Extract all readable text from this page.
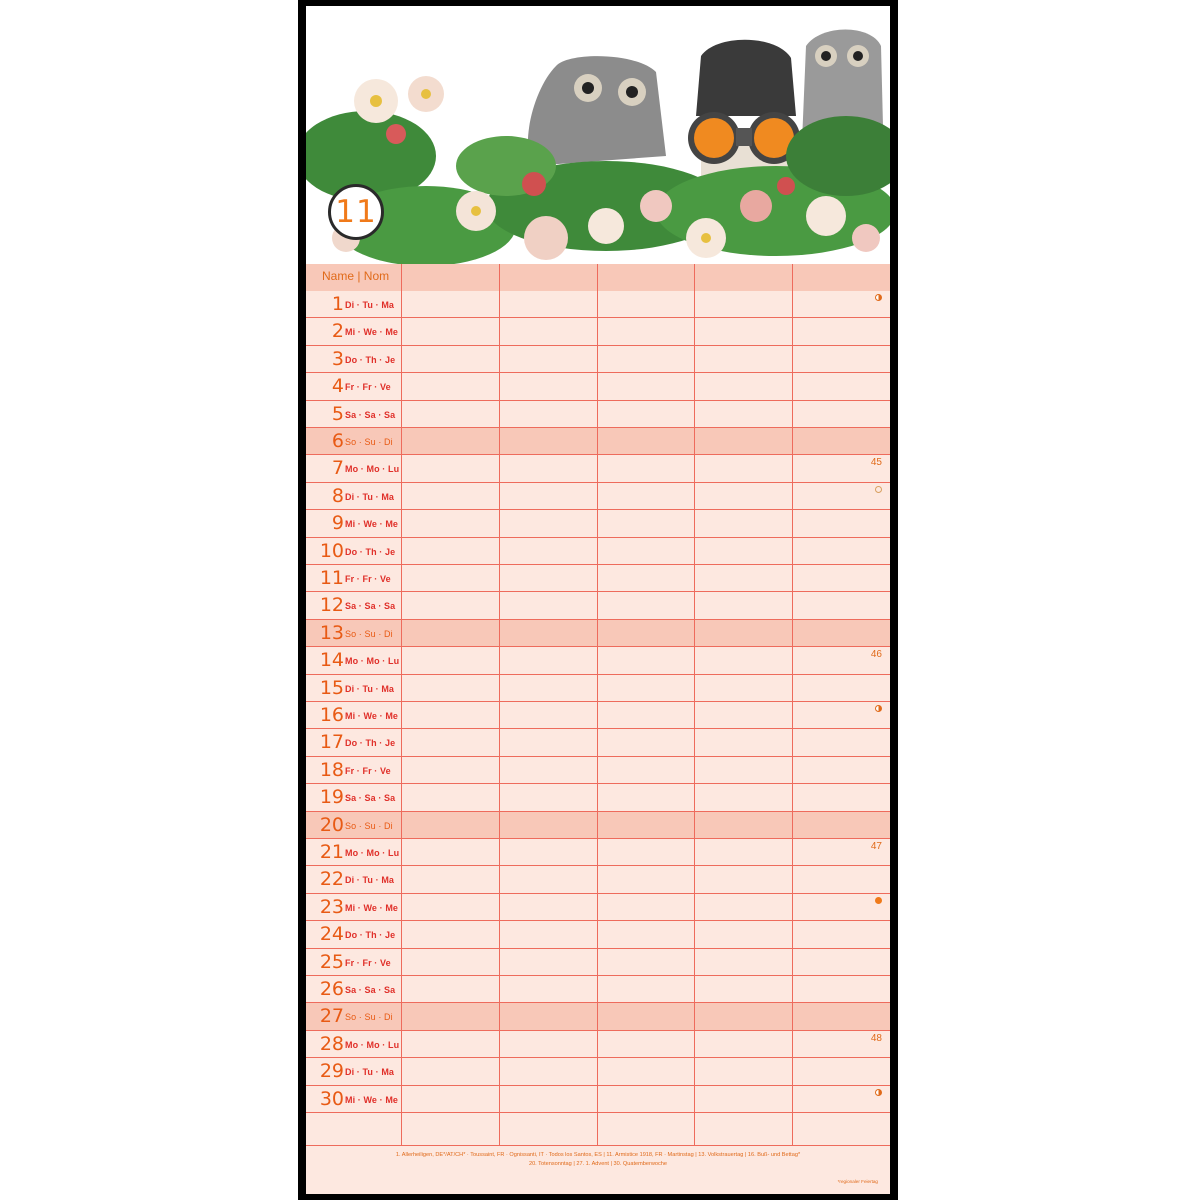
11
Name | Nom
1 Di · Tu · Ma
2 Mi · We · Me
3 Do · Th · Je
4 Fr · Fr · Ve
5 Sa · Sa · Sa
6 So · Su · Di
7 Mo · Mo · Lu
8 Di · Tu · Ma
9 Mi · We · Me
10 Do · Th · Je
11 Fr · Fr · Ve
12 Sa · Sa · Sa
13 So · Su · Di
14 Mo · Mo · Lu
15 Di · Tu · Ma
16 Mi · We · Me
17 Do · Th · Je
18 Fr · Fr · Ve
19 Sa · Sa · Sa
20 So · Su · Di
21 Mo · Mo · Lu
22 Di · Tu · Ma
23 Mi · We · Me
24 Do · Th · Je
25 Fr · Fr · Ve
26 Sa · Sa · Sa
27 So · Su · Di
28 Mo · Mo · Lu
29 Di · Tu · Ma
30 Mi · We · Me
45
46
47
48
1. Allerheiligen, DE*/AT/CH* · Toussaint, FR · Ognissanti, IT · Todos los Santos, ES | 11. Armistice 1918, FR · Martinstag | 13. Volkstrauertag | 16. Buß- und Bettag*
20. Totensonntag | 27. 1. Advent | 30. Quatemberwoche
*regionaler Feiertag
